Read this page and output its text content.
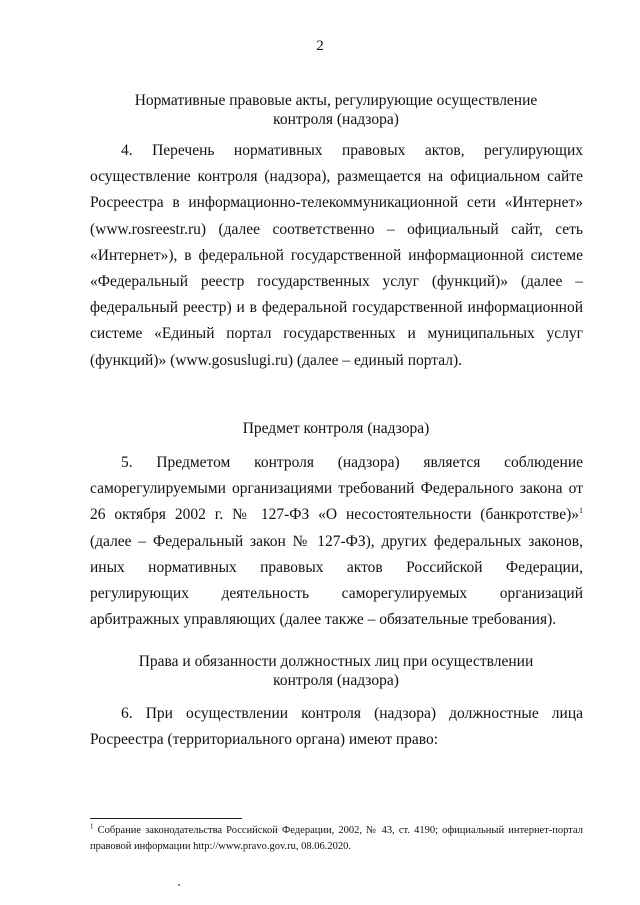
2
Нормативные правовые акты, регулирующие осуществление
контроля (надзора)

4. Перечень нормативных правовых актов, регулирующих осуществление контроля (надзора), размещается на официальном сайте Росреестра в информационно-телекоммуникационной сети «Интернет» (www.rosreestr.ru) (далее соответственно – официальный сайт, сеть «Интернет»), в федеральной государственной информационной системе «Федеральный реестр государственных услуг (функций)» (далее – федеральный реестр) и в федеральной государственной информационной системе «Единый портал государственных и муниципальных услуг (функций)» (www.gosuslugi.ru) (далее – единый портал).

Предмет контроля (надзора)

5. Предметом контроля (надзора) является соблюдение саморегулируемыми организациями требований Федерального закона от 26 октября 2002 г. № 127-ФЗ «О несостоятельности (банкротстве)»$^1$ (далее – Федеральный закон № 127-ФЗ), других федеральных законов, иных нормативных правовых актов Российской Федерации, регулирующих деятельность саморегулируемых организаций арбитражных управляющих (далее также – обязательные требования).

Права и обязанности должностных лиц при осуществлении
контроля (надзора)

6. При осуществлении контроля (надзора) должностные лица Росреестра (территориального органа) имеют право:

$^1$ Собрание законодательства Российской Федерации, 2002, № 43, ст. 4190; официальный интернет-портал правовой информации http://www.pravo.gov.ru, 08.06.2020.
